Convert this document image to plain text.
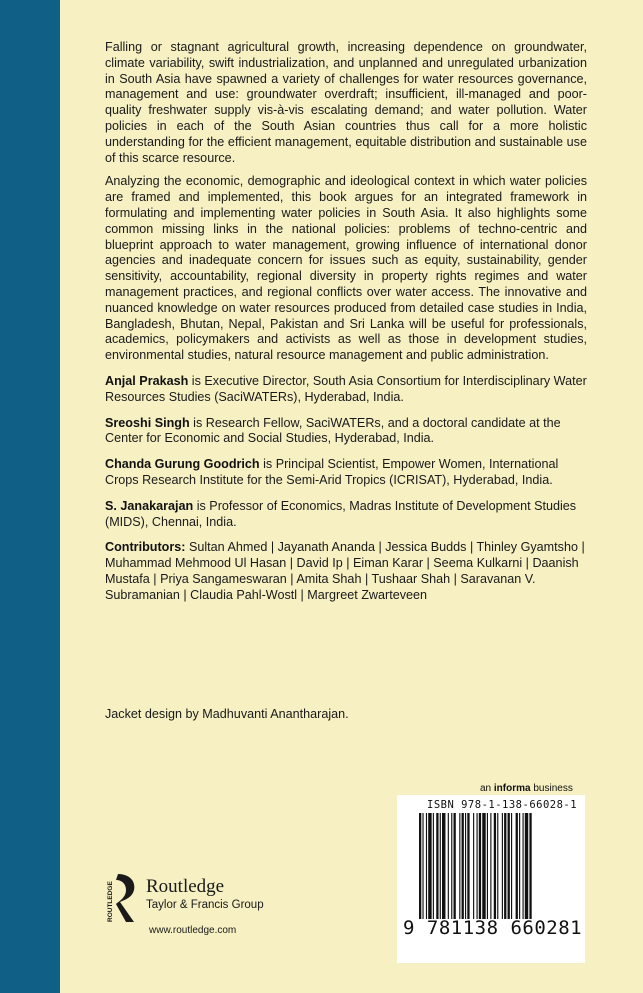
Falling or stagnant agricultural growth, increasing dependence on groundwater, climate variability, swift industrialization, and unplanned and unregulated urbanization in South Asia have spawned a variety of challenges for water resources governance, management and use: groundwater overdraft; insufficient, ill-managed and poor-quality freshwater supply vis-à-vis escalating demand; and water pollution. Water policies in each of the South Asian countries thus call for a more holistic understanding for the efficient management, equitable distribution and sustainable use of this scarce resource.

Analyzing the economic, demographic and ideological context in which water policies are framed and implemented, this book argues for an integrated framework in formulating and implementing water policies in South Asia. It also highlights some common missing links in the national policies: problems of techno-centric and blueprint approach to water management, growing influence of international donor agencies and inadequate concern for issues such as equity, sustainability, gender sensitivity, accountability, regional diversity in property rights regimes and water management practices, and regional conflicts over water access. The innovative and nuanced knowledge on water resources produced from detailed case studies in India, Bangladesh, Bhutan, Nepal, Pakistan and Sri Lanka will be useful for professionals, academics, policymakers and activists as well as those in development studies, environmental studies, natural resource management and public administration.

Anjal Prakash is Executive Director, South Asia Consortium for Interdisciplinary Water Resources Studies (SaciWATERs), Hyderabad, India.

Sreoshi Singh is Research Fellow, SaciWATERs, and a doctoral candidate at the Center for Economic and Social Studies, Hyderabad, India.

Chanda Gurung Goodrich is Principal Scientist, Empower Women, International Crops Research Institute for the Semi-Arid Tropics (ICRISAT), Hyderabad, India.

S. Janakarajan is Professor of Economics, Madras Institute of Development Studies (MIDS), Chennai, India.

Contributors: Sultan Ahmed | Jayanath Ananda | Jessica Budds | Thinley Gyamtsho | Muhammad Mehmood Ul Hasan | David Ip | Eiman Karar | Seema Kulkarni | Daanish Mustafa | Priya Sangameswaran | Amita Shah | Tushaar Shah | Saravanan V. Subramanian | Claudia Pahl-Wostl | Margreet Zwarteveen

Jacket design by Madhuvanti Anantharajan.
an informa business
ISBN 978-1-138-66028-1
9 781138 660281
ROUTLEDGE Routledge
Taylor & Francis Group
www.routledge.com
